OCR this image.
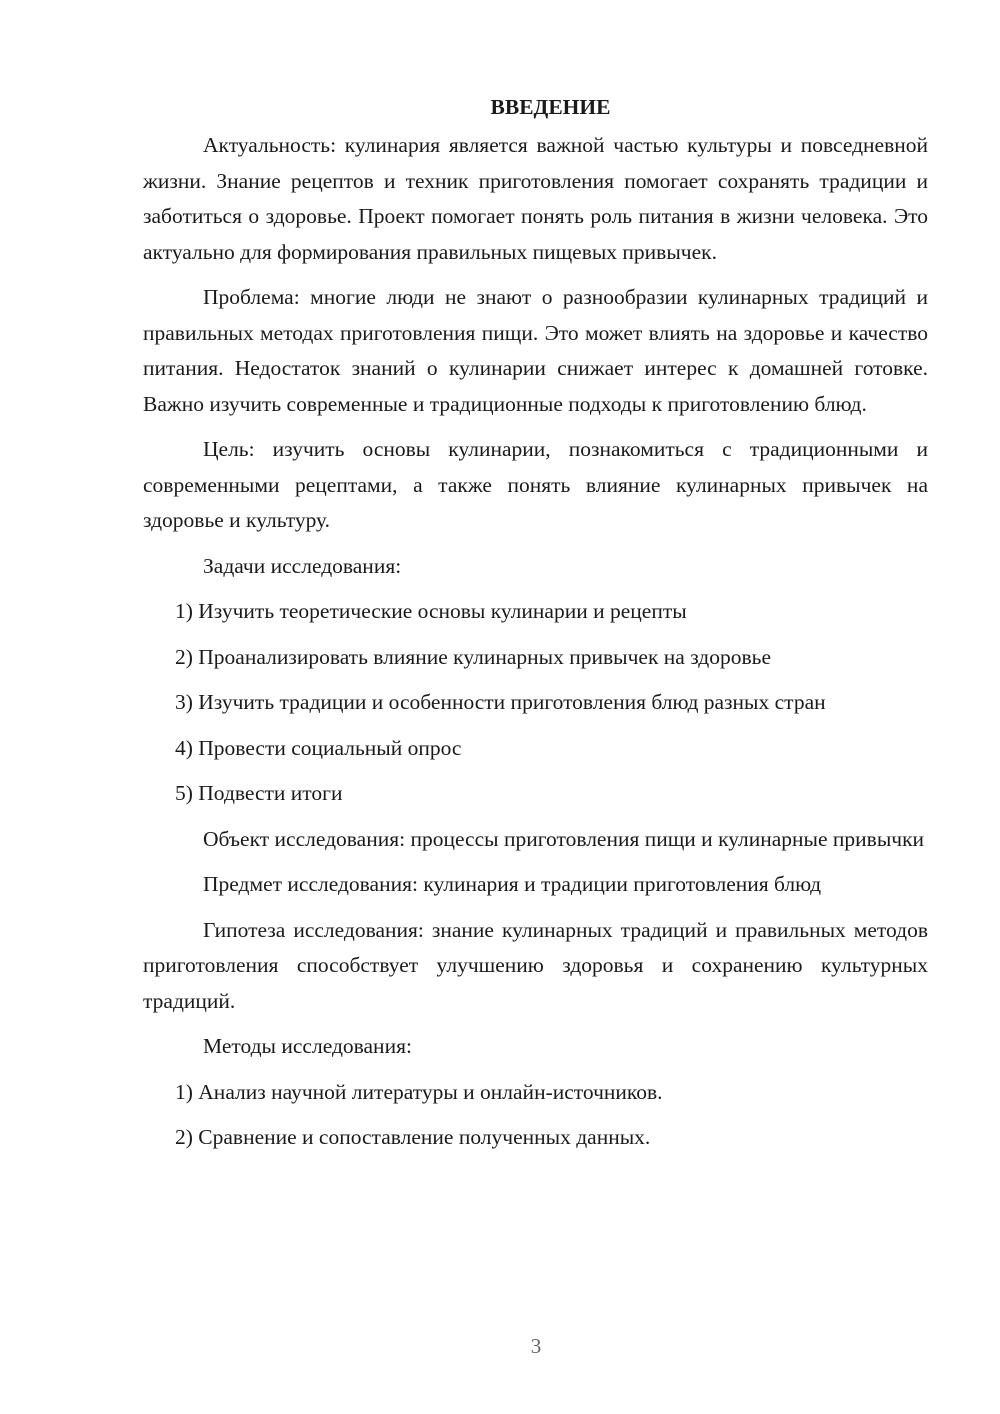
ВВЕДЕНИЕ

Актуальность: кулинария является важной частью культуры и повседневной жизни. Знание рецептов и техник приготовления помогает сохранять традиции и заботиться о здоровье. Проект помогает понять роль питания в жизни человека. Это актуально для формирования правильных пищевых привычек.

Проблема: многие люди не знают о разнообразии кулинарных традиций и правильных методах приготовления пищи. Это может влиять на здоровье и качество питания. Недостаток знаний о кулинарии снижает интерес к домашней готовке. Важно изучить современные и традиционные подходы к приготовлению блюд.

Цель: изучить основы кулинарии, познакомиться с традиционными и современными рецептами, а также понять влияние кулинарных привычек на здоровье и культуру.

Задачи исследования:

1) Изучить теоретические основы кулинарии и рецепты

2) Проанализировать влияние кулинарных привычек на здоровье

3) Изучить традиции и особенности приготовления блюд разных стран

4) Провести социальный опрос

5) Подвести итоги

Объект исследования: процессы приготовления пищи и кулинарные привычки

Предмет исследования: кулинария и традиции приготовления блюд

Гипотеза исследования: знание кулинарных традиций и правильных методов приготовления способствует улучшению здоровья и сохранению культурных традиций.

Методы исследования:

1) Анализ научной литературы и онлайн-источников.

2) Сравнение и сопоставление полученных данных.

3
